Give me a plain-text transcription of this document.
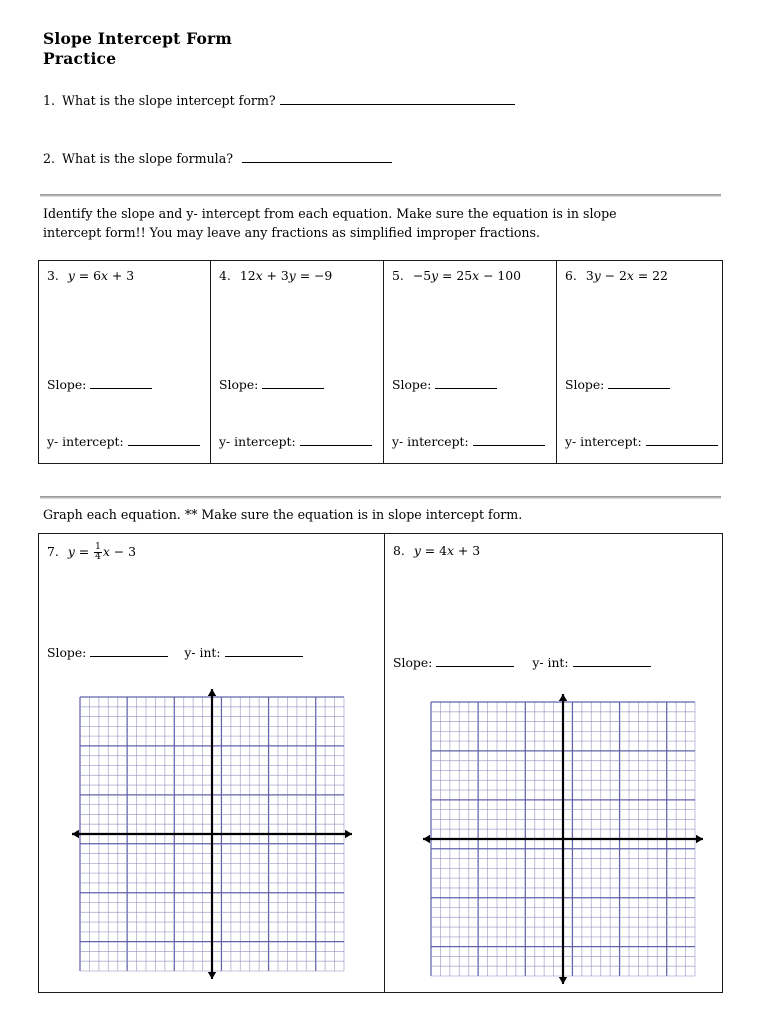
Slope Intercept Form
Practice
1. What is the slope intercept form?
2. What is the slope formula?
Identify the slope and y- intercept from each equation. Make sure the equation is in slope
intercept form!! You may leave any fractions as simplified improper fractions.
3. y = 6x + 3
Slope:
y- intercept:
4. 12x + 3y = −9
Slope:
y- intercept:
5. −5y = 25x − 100
Slope:
y- intercept:
6. 3y − 2x = 22
Slope:
y- intercept:
Graph each equation. ** Make sure the equation is in slope intercept form.
7. $y = \frac{1}{4}$ x − 3
Slope:	y- int:
8. y = 4x + 3
Slope:	y- int:
